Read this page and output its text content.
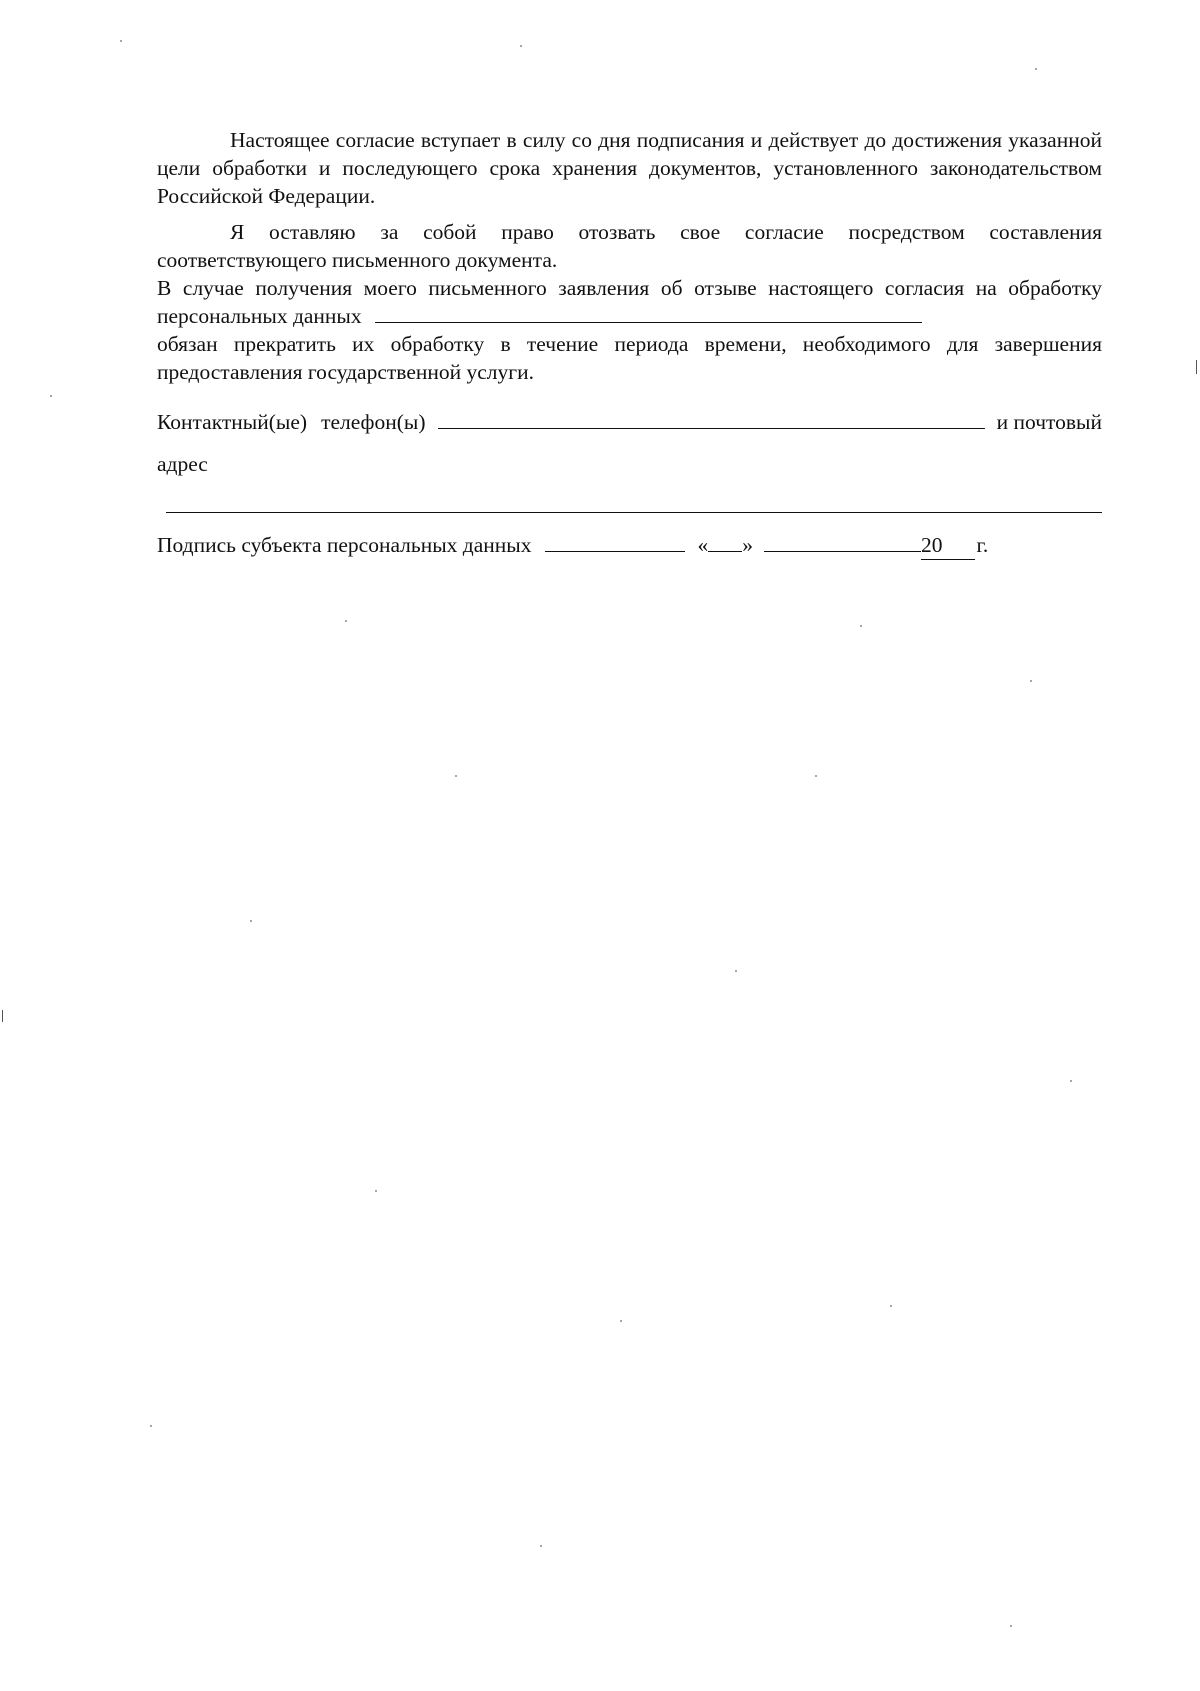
Настоящее согласие вступает в силу со дня подписания и действует до достижения указанной цели обработки и последующего срока хранения документов, установленного законодательством Российской Федерации.

Я оставляю за собой право отозвать свое согласие посредством составления соответствующего письменного документа.

В случае получения моего письменного заявления об отзыве настоящего согласия на обработку персональных данных

обязан прекратить их обработку в течение периода времени, необходимого для завершения предоставления государственной услуги.

Контактный(ые) телефон(ы)	и почтовый
адрес
Подпись субъекта персональных данных	« »	20	г.
